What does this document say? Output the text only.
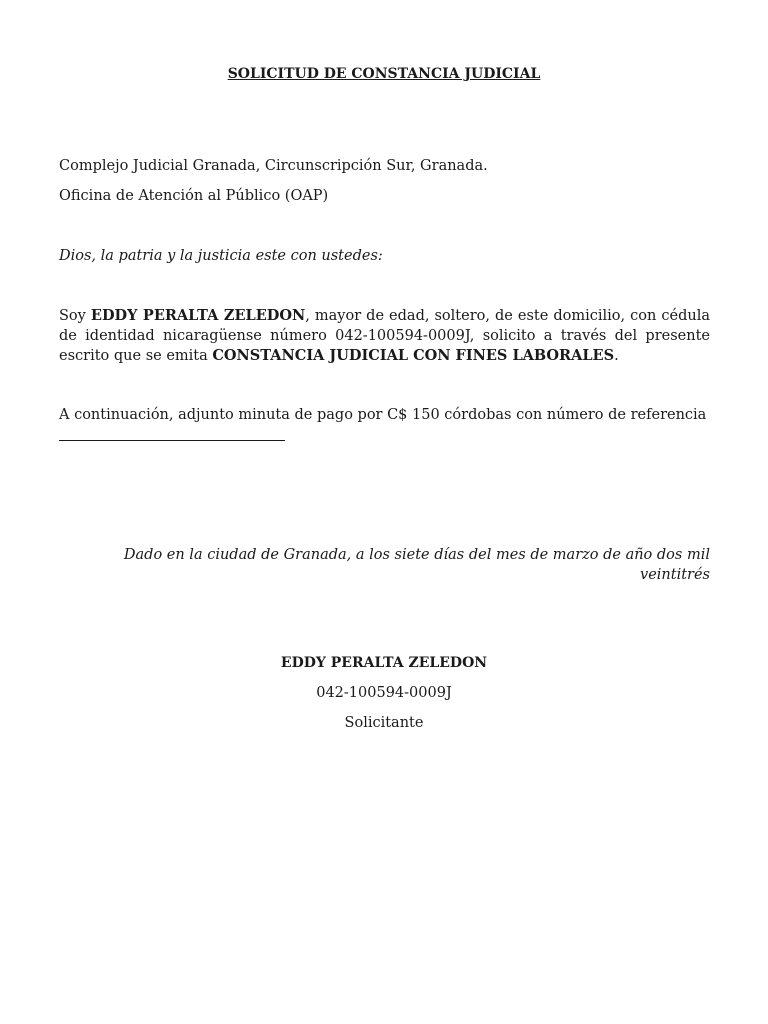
SOLICITUD DE CONSTANCIA JUDICIAL
Complejo Judicial Granada, Circunscripción Sur, Granada.
Oficina de Atención al Público (OAP)
Dios, la patria y la justicia este con ustedes:
Soy EDDY PERALTA ZELEDON, mayor de edad, soltero, de este domicilio, con cédula de identidad nicaragüense número 042-100594-0009J, solicito a través del presente escrito que se emita CONSTANCIA JUDICIAL CON FINES LABORALES.
A continuación, adjunto minuta de pago por C$ 150 córdobas con número de referencia
Dado en la ciudad de Granada, a los siete días del mes de marzo de año dos mil
veintitrés
EDDY PERALTA ZELEDON
042-100594-0009J
Solicitante
